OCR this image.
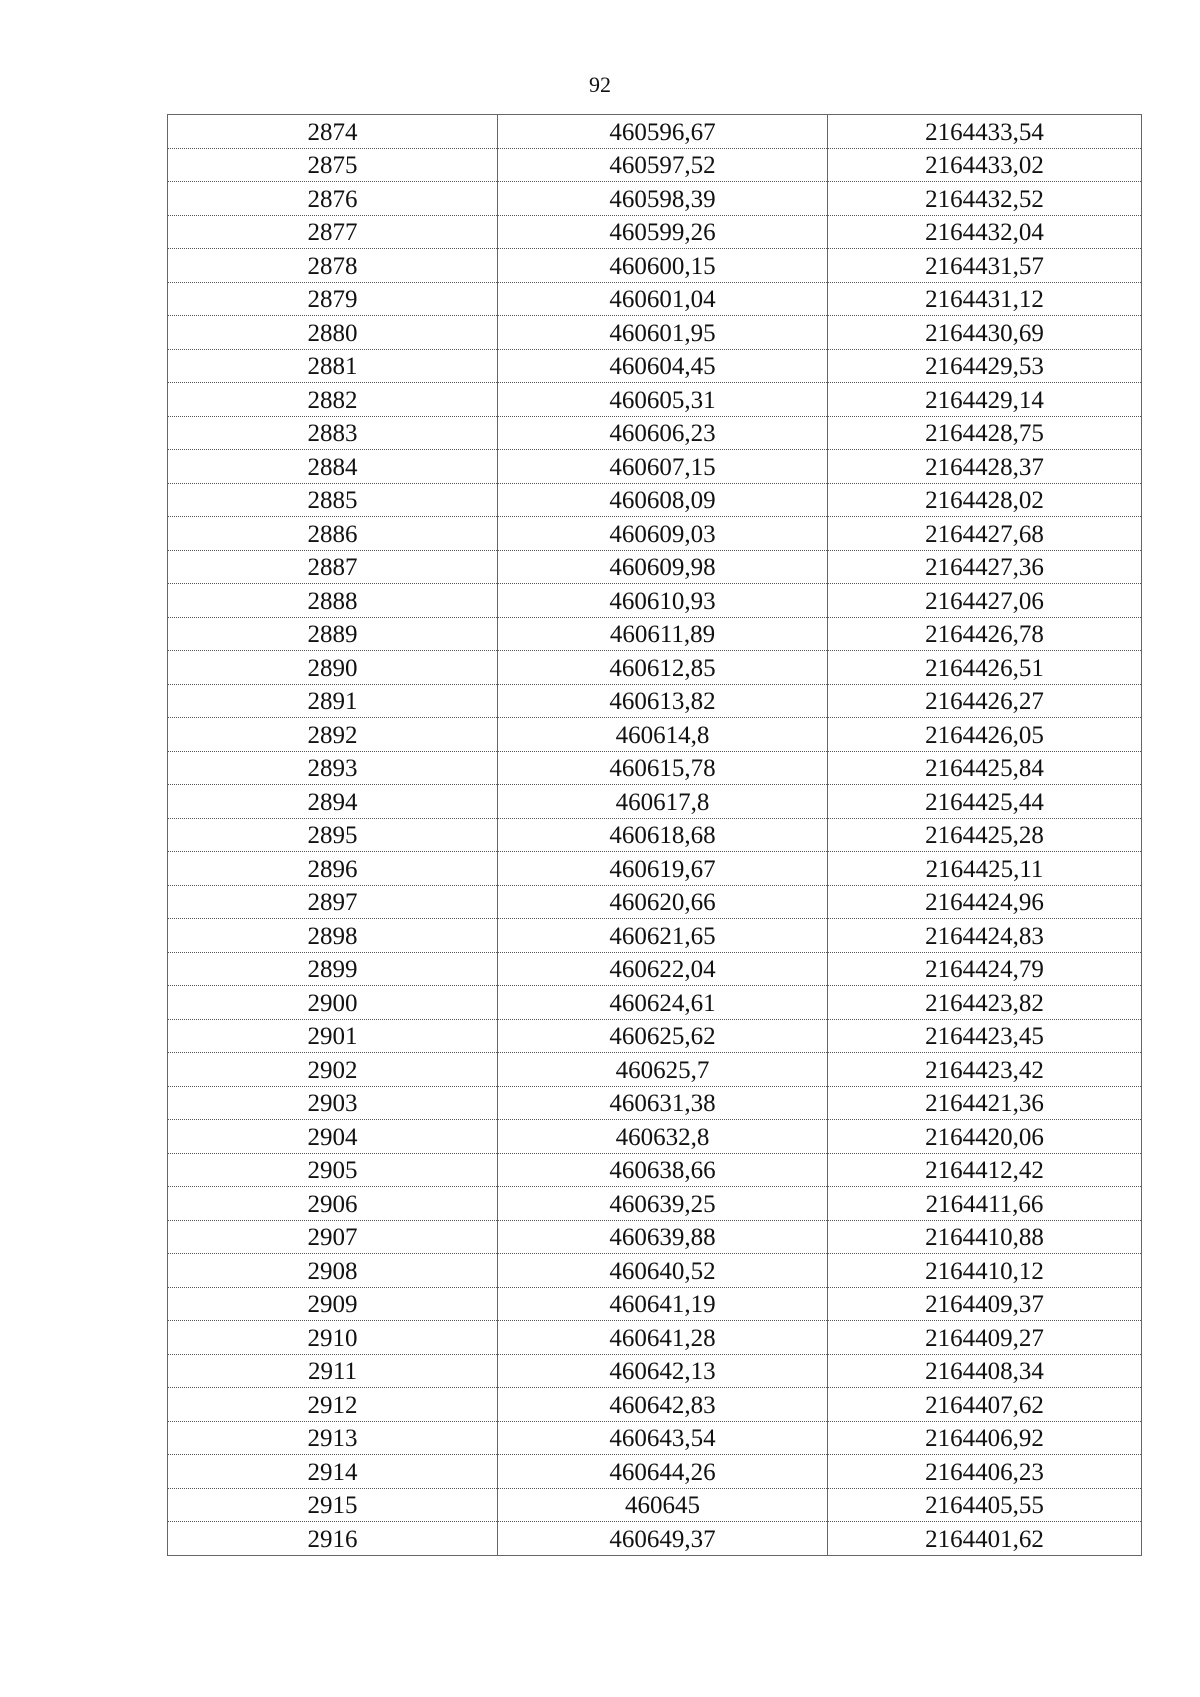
92
2874	460596,67	2164433,54
2875	460597,52	2164433,02
2876	460598,39	2164432,52
2877	460599,26	2164432,04
2878	460600,15	2164431,57
2879	460601,04	2164431,12
2880	460601,95	2164430,69
2881	460604,45	2164429,53
2882	460605,31	2164429,14
2883	460606,23	2164428,75
2884	460607,15	2164428,37
2885	460608,09	2164428,02
2886	460609,03	2164427,68
2887	460609,98	2164427,36
2888	460610,93	2164427,06
2889	460611,89	2164426,78
2890	460612,85	2164426,51
2891	460613,82	2164426,27
2892	460614,8	2164426,05
2893	460615,78	2164425,84
2894	460617,8	2164425,44
2895	460618,68	2164425,28
2896	460619,67	2164425,11
2897	460620,66	2164424,96
2898	460621,65	2164424,83
2899	460622,04	2164424,79
2900	460624,61	2164423,82
2901	460625,62	2164423,45
2902	460625,7	2164423,42
2903	460631,38	2164421,36
2904	460632,8	2164420,06
2905	460638,66	2164412,42
2906	460639,25	2164411,66
2907	460639,88	2164410,88
2908	460640,52	2164410,12
2909	460641,19	2164409,37
2910	460641,28	2164409,27
2911	460642,13	2164408,34
2912	460642,83	2164407,62
2913	460643,54	2164406,92
2914	460644,26	2164406,23
2915	460645	2164405,55
2916	460649,37	2164401,62
